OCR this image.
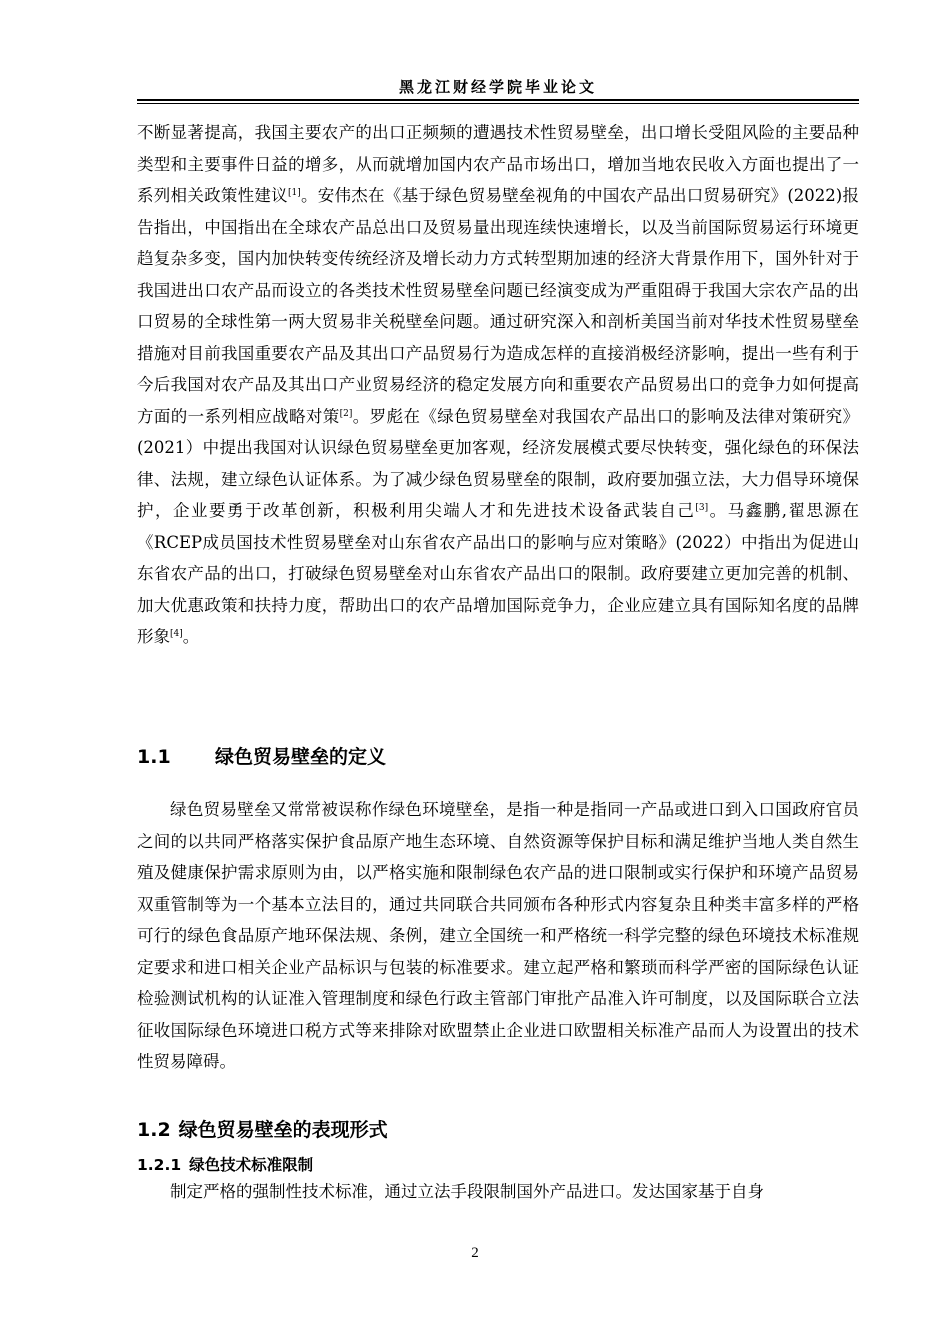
黑龙江财经学院毕业论文

不断显著提高，我国主要农产的出口正频频的遭遇技术性贸易壁垒，出口增长受阻风险的主要品种类型和主要事件日益的增多，从而就增加国内农产品市场出口，增加当地农民收入方面也提出了一系列相关政策性建议[1]。安伟杰在《基于绿色贸易壁垒视角的中国农产品出口贸易研究》(2022)报告指出，中国指出在全球农产品总出口及贸易量出现连续快速增长，以及当前国际贸易运行环境更趋复杂多变，国内加快转变传统经济及增长动力方式转型期加速的经济大背景作用下，国外针对于我国进出口农产品而设立的各类技术性贸易壁垒问题已经演变成为严重阻碍于我国大宗农产品的出口贸易的全球性第一两大贸易非关税壁垒问题。通过研究深入和剖析美国当前对华技术性贸易壁垒措施对目前我国重要农产品及其出口产品贸易行为造成怎样的直接消极经济影响，提出一些有利于今后我国对农产品及其出口产业贸易经济的稳定发展方向和重要农产品贸易出口的竞争力如何提高方面的一系列相应战略对策[2]。罗彪在《绿色贸易壁垒对我国农产品出口的影响及法律对策研究》(2021）中提出我国对认识绿色贸易壁垒更加客观，经济发展模式要尽快转变，强化绿色的环保法律、法规，建立绿色认证体系。为了减少绿色贸易壁垒的限制，政府要加强立法，大力倡导环境保护，企业要勇于改革创新，积极利用尖端人才和先进技术设备武装自己[3]。马鑫鹏,翟思源在《RCEP成员国技术性贸易壁垒对山东省农产品出口的影响与应对策略》(2022）中指出为促进山东省农产品的出口，打破绿色贸易壁垒对山东省农产品出口的限制。政府要建立更加完善的机制、加大优惠政策和扶持力度，帮助出口的农产品增加国际竞争力，企业应建立具有国际知名度的品牌形象[4]。

1.1 绿色贸易壁垒的定义

绿色贸易壁垒又常常被误称作绿色环境壁垒，是指一种是指同一产品或进口到入口国政府官员之间的以共同严格落实保护食品原产地生态环境、自然资源等保护目标和满足维护当地人类自然生殖及健康保护需求原则为由，以严格实施和限制绿色农产品的进口限制或实行保护和环境产品贸易双重管制等为一个基本立法目的，通过共同联合共同颁布各种形式内容复杂且种类丰富多样的严格可行的绿色食品原产地环保法规、条例，建立全国统一和严格统一科学完整的绿色环境技术标准规定要求和进口相关企业产品标识与包装的标准要求。建立起严格和繁琐而科学严密的国际绿色认证检验测试机构的认证准入管理制度和绿色行政主管部门审批产品准入许可制度，以及国际联合立法征收国际绿色环境进口税方式等来排除对欧盟禁止企业进口欧盟相关标准产品而人为设置出的技术性贸易障碍。

1.2 绿色贸易壁垒的表现形式
1.2.1 绿色技术标准限制

制定严格的强制性技术标准，通过立法手段限制国外产品进口。发达国家基于自身

2
